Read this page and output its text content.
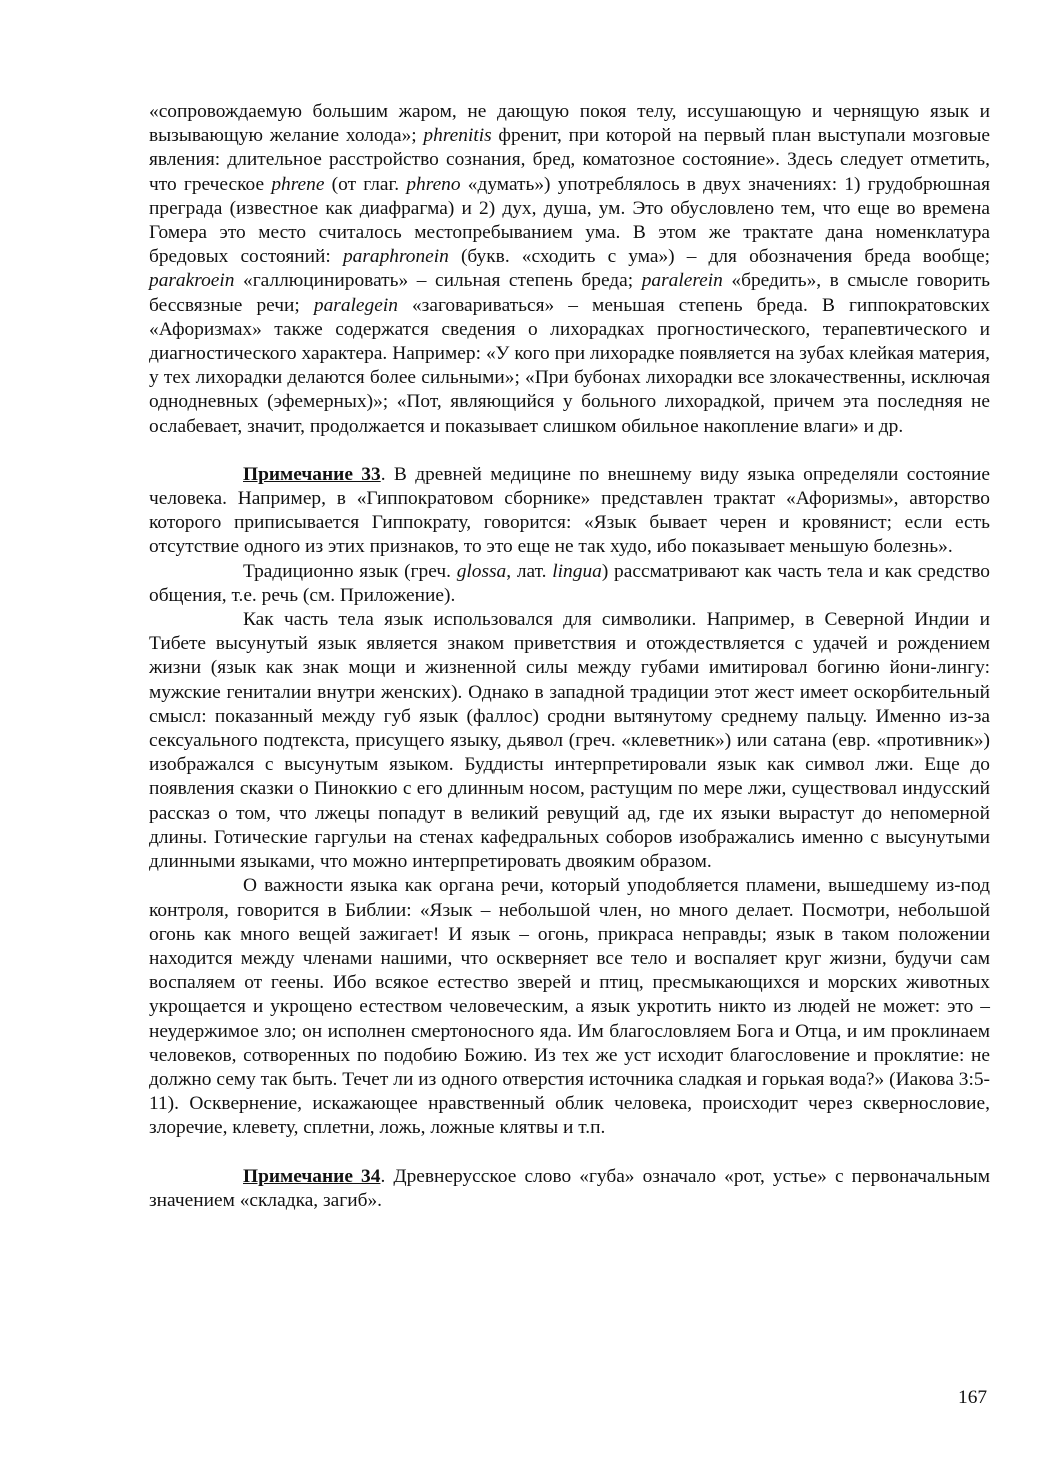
«сопровождаемую большим жаром, не дающую покоя телу, иссушающую и чернящую язык и вызывающую желание холода»; phrenitis френит, при которой на первый план выступали мозговые явления: длительное расстройство сознания, бред, коматозное состояние». Здесь следует отметить, что греческое phrene (от глаг. phreno «думать») употреблялось в двух значениях: 1) грудобрюшная преграда (известное как диафрагма) и 2) дух, душа, ум. Это обусловлено тем, что еще во времена Гомера это место считалось местопребыванием ума. В этом же трактате дана номенклатура бредовых состояний: paraphronein (букв. «сходить с ума») – для обозначения бреда вообще; parakroein «галлюцинировать» – сильная степень бреда; paralerein «бредить», в смысле говорить бессвязные речи; paralegein «заговариваться» – меньшая степень бреда. В гиппократовских «Афоризмах» также содержатся сведения о лихорадках прогностического, терапевтического и диагностического характера. Например: «У кого при лихорадке появляется на зубах клейкая материя, у тех лихорадки делаются более сильными»; «При бубонах лихорадки все злокачественны, исключая однодневных (эфемерных)»; «Пот, являющийся у больного лихорадкой, причем эта последняя не ослабевает, значит, продолжается и показывает слишком обильное накопление влаги» и др.

Примечание 33. В древней медицине по внешнему виду языка определяли состояние человека. Например, в «Гиппократовом сборнике» представлен трактат «Афоризмы», авторство которого приписывается Гиппократу, говорится: «Язык бывает черен и кровянист; если есть отсутствие одного из этих признаков, то это еще не так худо, ибо показывает меньшую болезнь».

Традиционно язык (греч. glossa, лат. lingua) рассматривают как часть тела и как средство общения, т.е. речь (см. Приложение).

Как часть тела язык использовался для символики. Например, в Северной Индии и Тибете высунутый язык является знаком приветствия и отождествляется с удачей и рождением жизни (язык как знак мощи и жизненной силы между губами имитировал богиню йони-лингу: мужские гениталии внутри женских). Однако в западной традиции этот жест имеет оскорбительный смысл: показанный между губ язык (фаллос) сродни вытянутому среднему пальцу. Именно из-за сексуального подтекста, присущего языку, дьявол (греч. «клеветник») или сатана (евр. «противник») изображался с высунутым языком. Буддисты интерпретировали язык как символ лжи. Еще до появления сказки о Пиноккио с его длинным носом, растущим по мере лжи, существовал индусский рассказ о том, что лжецы попадут в великий ревущий ад, где их языки вырастут до непомерной длины. Готические гаргульи на стенах кафедральных соборов изображались именно с высунутыми длинными языками, что можно интерпретировать двояким образом.

О важности языка как органа речи, который уподобляется пламени, вышедшему из-под контроля, говорится в Библии: «Язык – небольшой член, но много делает. Посмотри, небольшой огонь как много вещей зажигает! И язык – огонь, прикраса неправды; язык в таком положении находится между членами нашими, что оскверняет все тело и воспаляет круг жизни, будучи сам воспаляем от геены. Ибо всякое естество зверей и птиц, пресмыкающихся и морских животных укрощается и укрощено естеством человеческим, а язык укротить никто из людей не может: это – неудержимое зло; он исполнен смертоносного яда. Им благословляем Бога и Отца, и им проклинаем человеков, сотворенных по подобию Божию. Из тех же уст исходит благословение и проклятие: не должно сему так быть. Течет ли из одного отверстия источника сладкая и горькая вода?» (Иакова 3:5-11). Осквернение, искажающее нравственный облик человека, происходит через сквернословие, злоречие, клевету, сплетни, ложь, ложные клятвы и т.п.

Примечание 34. Древнерусское слово «губа» означало «рот, устье» с первоначальным значением «складка, загиб».

167
